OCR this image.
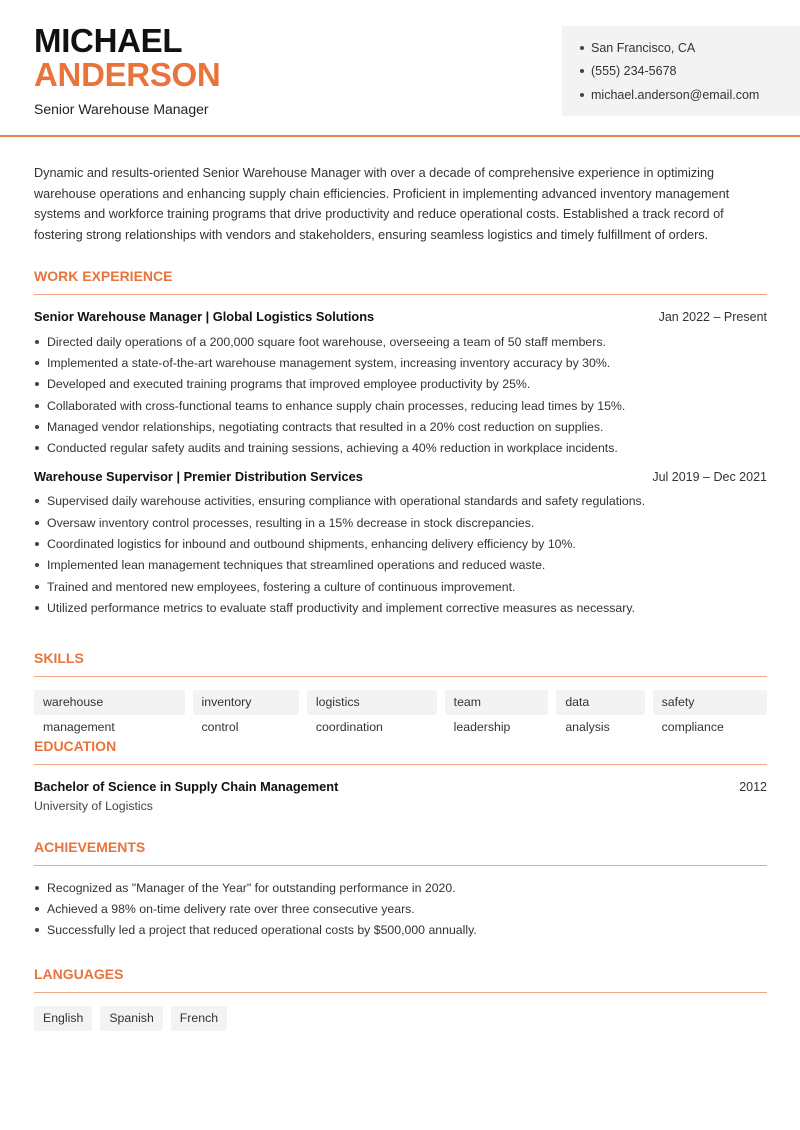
MICHAEL
ANDERSON
Senior Warehouse Manager
San Francisco, CA
(555) 234-5678
michael.anderson@email.com

Dynamic and results-oriented Senior Warehouse Manager with over a decade of comprehensive experience in optimizing warehouse operations and enhancing supply chain efficiencies. Proficient in implementing advanced inventory management systems and workforce training programs that drive productivity and reduce operational costs. Established a track record of fostering strong relationships with vendors and stakeholders, ensuring seamless logistics and timely fulfillment of orders.

WORK EXPERIENCE
Senior Warehouse Manager | Global Logistics Solutions	Jan 2022 – Present
Directed daily operations of a 200,000 square foot warehouse, overseeing a team of 50 staff members.
Implemented a state-of-the-art warehouse management system, increasing inventory accuracy by 30%.
Developed and executed training programs that improved employee productivity by 25%.
Collaborated with cross-functional teams to enhance supply chain processes, reducing lead times by 15%.
Managed vendor relationships, negotiating contracts that resulted in a 20% cost reduction on supplies.
Conducted regular safety audits and training sessions, achieving a 40% reduction in workplace incidents.
Warehouse Supervisor | Premier Distribution Services	Jul 2019 – Dec 2021
Supervised daily warehouse activities, ensuring compliance with operational standards and safety regulations.
Oversaw inventory control processes, resulting in a 15% decrease in stock discrepancies.
Coordinated logistics for inbound and outbound shipments, enhancing delivery efficiency by 10%.
Implemented lean management techniques that streamlined operations and reduced waste.
Trained and mentored new employees, fostering a culture of continuous improvement.
Utilized performance metrics to evaluate staff productivity and implement corrective measures as necessary.
SKILLS
warehouse management
inventory control
logistics coordination
team leadership
data analysis
safety compliance
EDUCATION
Bachelor of Science in Supply Chain Management	2012
University of Logistics
ACHIEVEMENTS
Recognized as "Manager of the Year" for outstanding performance in 2020.
Achieved a 98% on-time delivery rate over three consecutive years.
Successfully led a project that reduced operational costs by $500,000 annually.
LANGUAGES
English	Spanish	French
